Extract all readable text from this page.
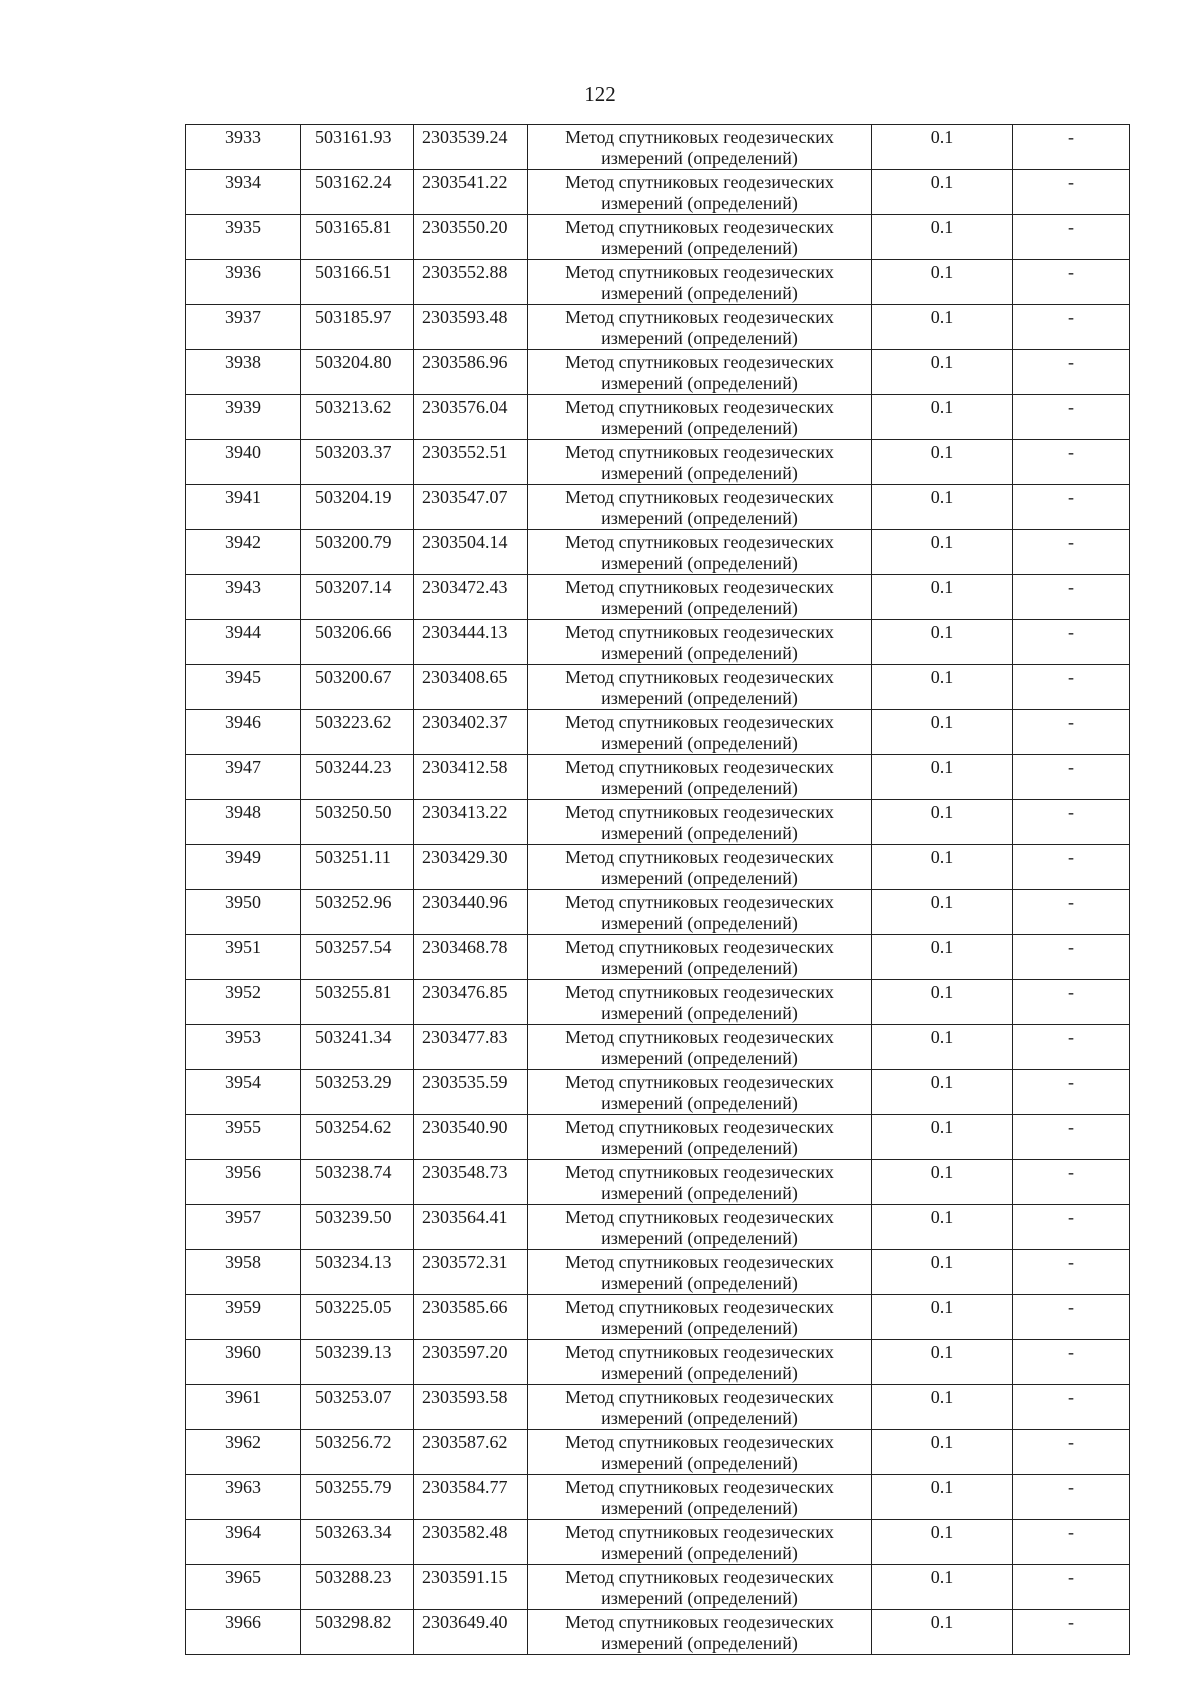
122
3933	503161.93	2303539.24	Метод спутниковых геодезических
измерений (определений)	0.1	-
3934	503162.24	2303541.22	Метод спутниковых геодезических
измерений (определений)	0.1	-
3935	503165.81	2303550.20	Метод спутниковых геодезических
измерений (определений)	0.1	-
3936	503166.51	2303552.88	Метод спутниковых геодезических
измерений (определений)	0.1	-
3937	503185.97	2303593.48	Метод спутниковых геодезических
измерений (определений)	0.1	-
3938	503204.80	2303586.96	Метод спутниковых геодезических
измерений (определений)	0.1	-
3939	503213.62	2303576.04	Метод спутниковых геодезических
измерений (определений)	0.1	-
3940	503203.37	2303552.51	Метод спутниковых геодезических
измерений (определений)	0.1	-
3941	503204.19	2303547.07	Метод спутниковых геодезических
измерений (определений)	0.1	-
3942	503200.79	2303504.14	Метод спутниковых геодезических
измерений (определений)	0.1	-
3943	503207.14	2303472.43	Метод спутниковых геодезических
измерений (определений)	0.1	-
3944	503206.66	2303444.13	Метод спутниковых геодезических
измерений (определений)	0.1	-
3945	503200.67	2303408.65	Метод спутниковых геодезических
измерений (определений)	0.1	-
3946	503223.62	2303402.37	Метод спутниковых геодезических
измерений (определений)	0.1	-
3947	503244.23	2303412.58	Метод спутниковых геодезических
измерений (определений)	0.1	-
3948	503250.50	2303413.22	Метод спутниковых геодезических
измерений (определений)	0.1	-
3949	503251.11	2303429.30	Метод спутниковых геодезических
измерений (определений)	0.1	-
3950	503252.96	2303440.96	Метод спутниковых геодезических
измерений (определений)	0.1	-
3951	503257.54	2303468.78	Метод спутниковых геодезических
измерений (определений)	0.1	-
3952	503255.81	2303476.85	Метод спутниковых геодезических
измерений (определений)	0.1	-
3953	503241.34	2303477.83	Метод спутниковых геодезических
измерений (определений)	0.1	-
3954	503253.29	2303535.59	Метод спутниковых геодезических
измерений (определений)	0.1	-
3955	503254.62	2303540.90	Метод спутниковых геодезических
измерений (определений)	0.1	-
3956	503238.74	2303548.73	Метод спутниковых геодезических
измерений (определений)	0.1	-
3957	503239.50	2303564.41	Метод спутниковых геодезических
измерений (определений)	0.1	-
3958	503234.13	2303572.31	Метод спутниковых геодезических
измерений (определений)	0.1	-
3959	503225.05	2303585.66	Метод спутниковых геодезических
измерений (определений)	0.1	-
3960	503239.13	2303597.20	Метод спутниковых геодезических
измерений (определений)	0.1	-
3961	503253.07	2303593.58	Метод спутниковых геодезических
измерений (определений)	0.1	-
3962	503256.72	2303587.62	Метод спутниковых геодезических
измерений (определений)	0.1	-
3963	503255.79	2303584.77	Метод спутниковых геодезических
измерений (определений)	0.1	-
3964	503263.34	2303582.48	Метод спутниковых геодезических
измерений (определений)	0.1	-
3965	503288.23	2303591.15	Метод спутниковых геодезических
измерений (определений)	0.1	-
3966	503298.82	2303649.40	Метод спутниковых геодезических
измерений (определений)	0.1	-
